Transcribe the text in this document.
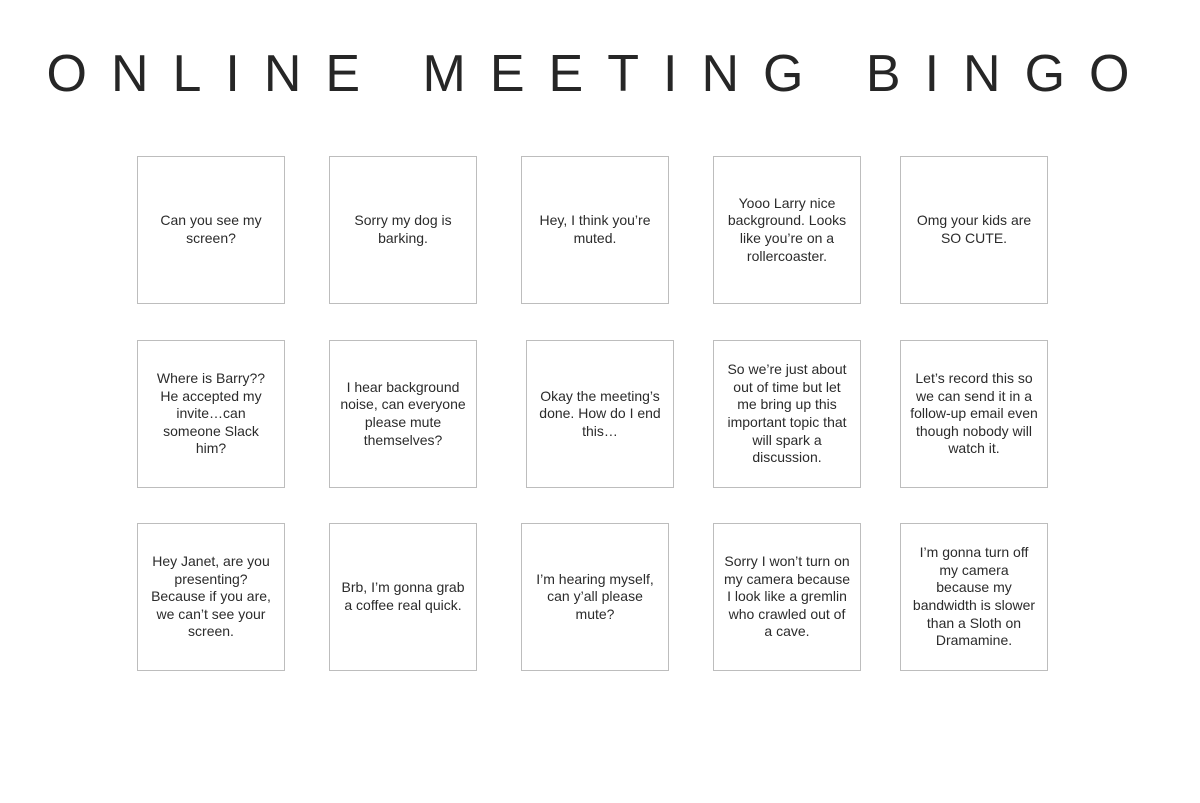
ONLINE MEETING BINGO
Can you see my screen?
Sorry my dog is barking.
Hey, I think you’re muted.
Yooo Larry nice background. Looks like you’re on a rollercoaster.
Omg your kids are SO CUTE.
Where is Barry?? He accepted my invite…can someone Slack him?
I hear background noise, can everyone please mute themselves?
Okay the meeting’s done. How do I end this…
So we’re just about out of time but let me bring up this important topic that will spark a discussion.
Let’s record this so we can send it in a follow-up email even though nobody will watch it.
Hey Janet, are you presenting? Because if you are, we can’t see your screen.
Brb, I’m gonna grab a coffee real quick.
I’m hearing myself, can y’all please mute?
Sorry I won’t turn on my camera because I look like a gremlin who crawled out of a cave.
I’m gonna turn off my camera because my bandwidth is slower than a Sloth on Dramamine.
